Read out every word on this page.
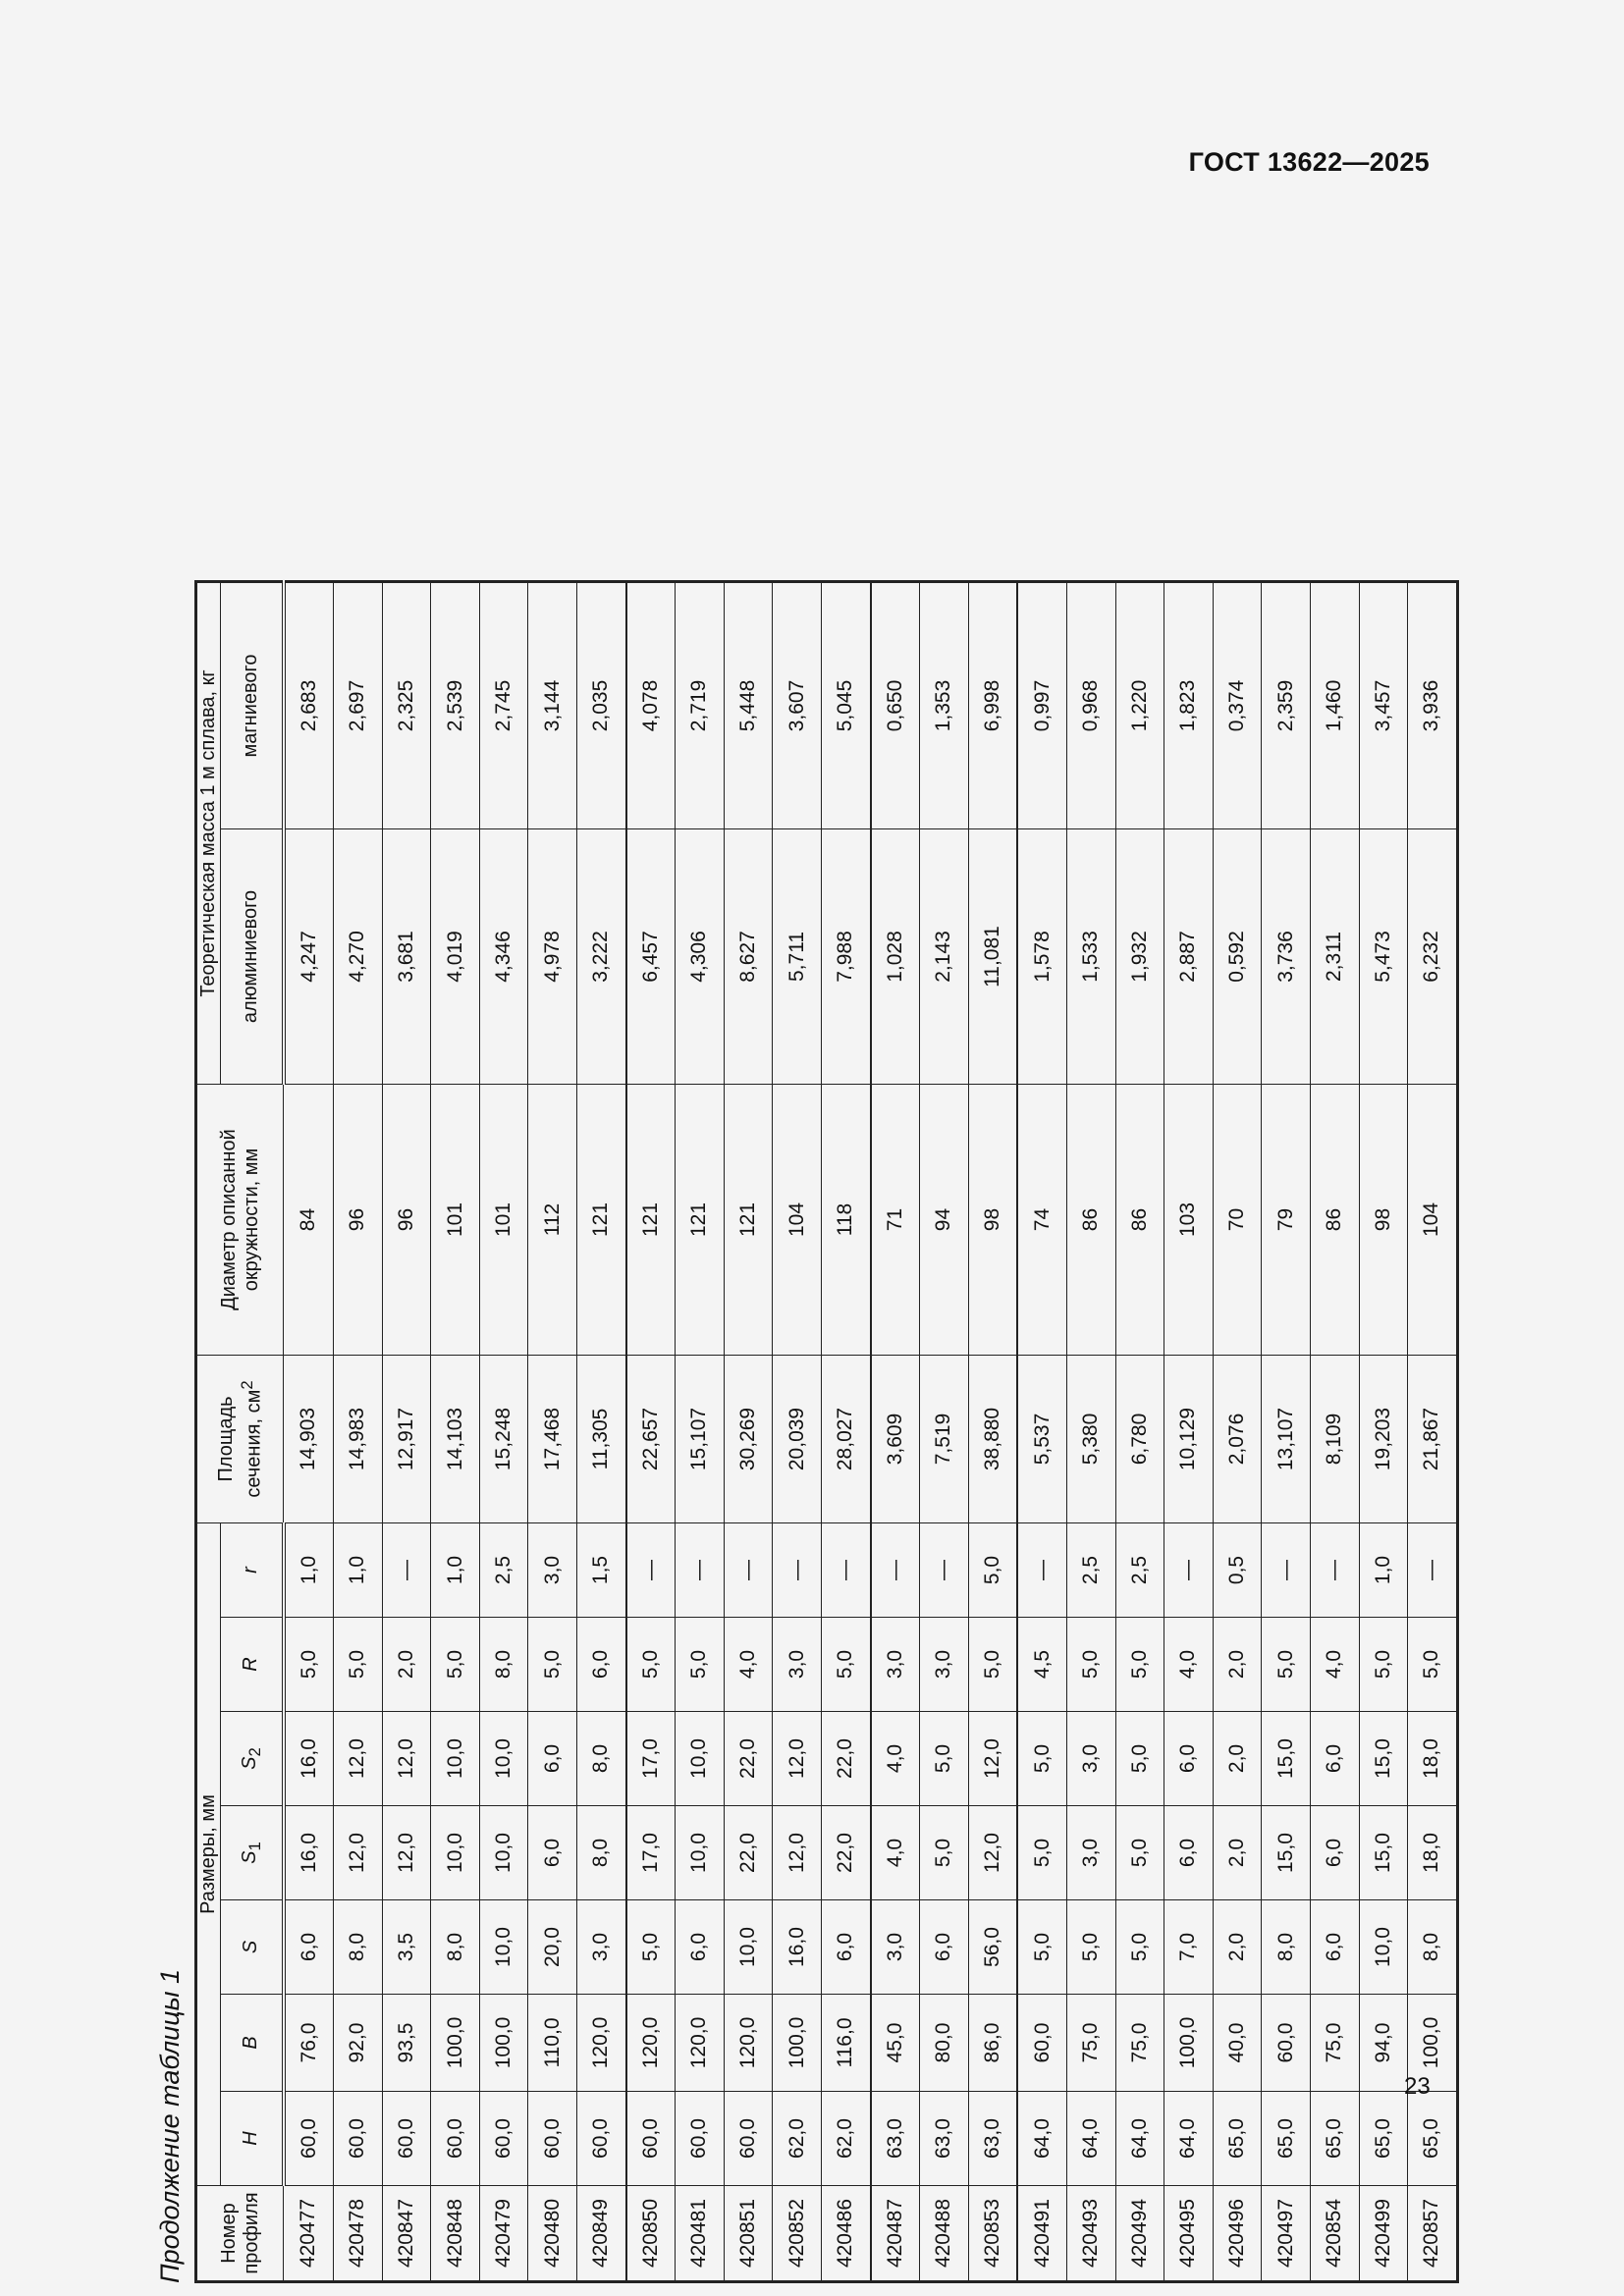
ГОСТ 13622—2025
Продолжение таблицы 1 Номер профиля	Размеры, мм							Площадь сечения, $см^2$	Диаметр описанной окружности, мм	Теоретическая масса 1 м сплава, кг	
	H	B	S	$S_1$	$S_2$	R	r			алюминиевого	магниевого
420477	60,0	76,0	6,0	16,0	16,0	5,0	1,0	14,903	84	4,247	2,683
420478	60,0	92,0	8,0	12,0	12,0	5,0	1,0	14,983	96	4,270	2,697
420847	60,0	93,5	3,5	12,0	12,0	2,0	—	12,917	96	3,681	2,325
420848	60,0	100,0	8,0	10,0	10,0	5,0	1,0	14,103	101	4,019	2,539
420479	60,0	100,0	10,0	10,0	10,0	8,0	2,5	15,248	101	4,346	2,745
420480	60,0	110,0	20,0	6,0	6,0	5,0	3,0	17,468	112	4,978	3,144
420849	60,0	120,0	3,0	8,0	8,0	6,0	1,5	11,305	121	3,222	2,035
420850	60,0	120,0	5,0	17,0	17,0	5,0	—	22,657	121	6,457	4,078
420481	60,0	120,0	6,0	10,0	10,0	5,0	—	15,107	121	4,306	2,719
420851	60,0	120,0	10,0	22,0	22,0	4,0	—	30,269	121	8,627	5,448
420852	62,0	100,0	16,0	12,0	12,0	3,0	—	20,039	104	5,711	3,607
420486	62,0	116,0	6,0	22,0	22,0	5,0	—	28,027	118	7,988	5,045
420487	63,0	45,0	3,0	4,0	4,0	3,0	—	3,609	71	1,028	0,650
420488	63,0	80,0	6,0	5,0	5,0	3,0	—	7,519	94	2,143	1,353
420853	63,0	86,0	56,0	12,0	12,0	5,0	5,0	38,880	98	11,081	6,998
420491	64,0	60,0	5,0	5,0	5,0	4,5	—	5,537	74	1,578	0,997
420493	64,0	75,0	5,0	3,0	3,0	5,0	2,5	5,380	86	1,533	0,968
420494	64,0	75,0	5,0	5,0	5,0	5,0	2,5	6,780	86	1,932	1,220
420495	64,0	100,0	7,0	6,0	6,0	4,0	—	10,129	103	2,887	1,823
420496	65,0	40,0	2,0	2,0	2,0	2,0	0,5	2,076	70	0,592	0,374
420497	65,0	60,0	8,0	15,0	15,0	5,0	—	13,107	79	3,736	2,359
420854	65,0	75,0	6,0	6,0	6,0	4,0	—	8,109	86	2,311	1,460
420499	65,0	94,0	10,0	15,0	15,0	5,0	1,0	19,203	98	5,473	3,457
420857	65,0	100,0	8,0	18,0	18,0	5,0	—	21,867	104	6,232	3,936
23
